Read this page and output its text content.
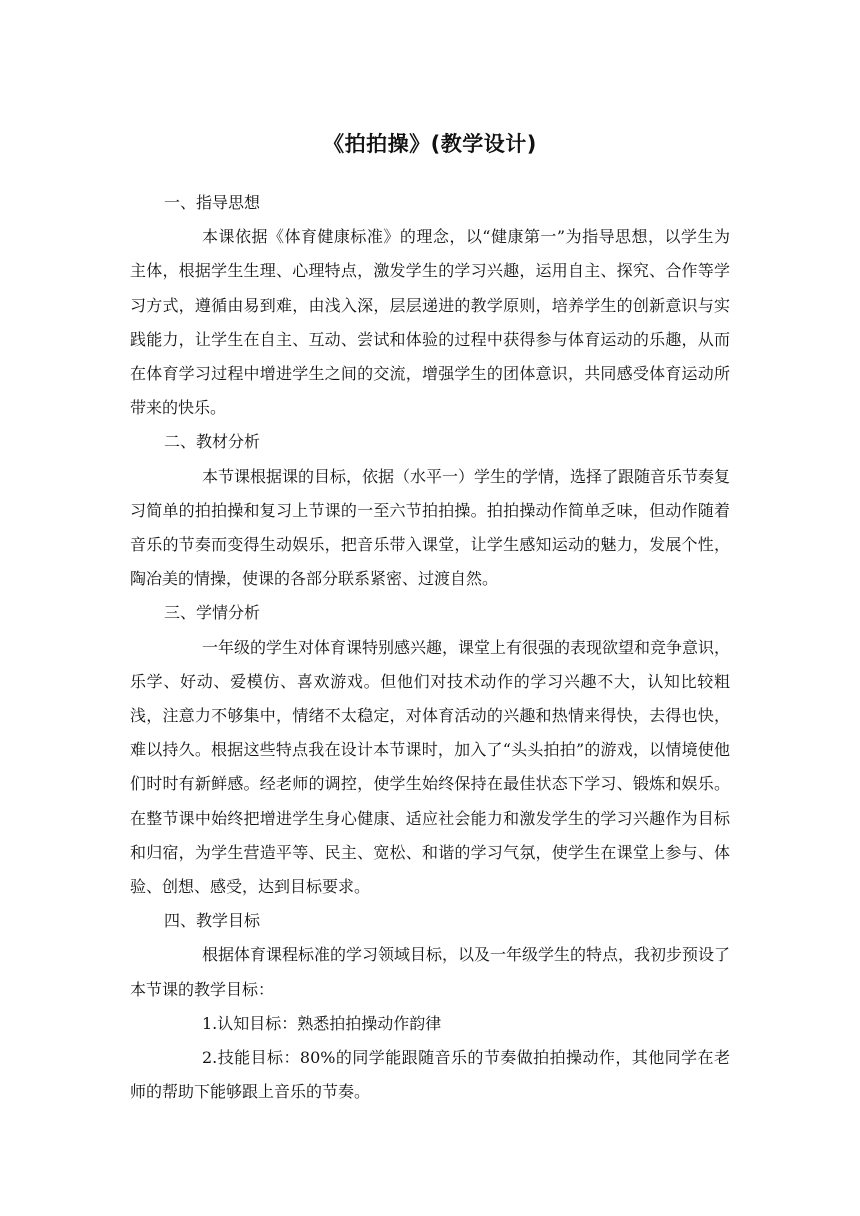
《拍拍操》(教学设计)

一、指导思想

本课依据《体育健康标准》的理念，以“健康第一”为指导思想，以学生为主体，根据学生生理、心理特点，激发学生的学习兴趣，运用自主、探究、合作等学习方式，遵循由易到难，由浅入深，层层递进的教学原则，培养学生的创新意识与实践能力，让学生在自主、互动、尝试和体验的过程中获得参与体育运动的乐趣，从而在体育学习过程中增进学生之间的交流，增强学生的团体意识，共同感受体育运动所带来的快乐。

二、教材分析

本节课根据课的目标，依据（水平一）学生的学情，选择了跟随音乐节奏复习简单的拍拍操和复习上节课的一至六节拍拍操。拍拍操动作简单乏味，但动作随着音乐的节奏而变得生动娱乐，把音乐带入课堂，让学生感知运动的魅力，发展个性，陶冶美的情操，使课的各部分联系紧密、过渡自然。

三、学情分析

一年级的学生对体育课特别感兴趣，课堂上有很强的表现欲望和竞争意识，乐学、好动、爱模仿、喜欢游戏。但他们对技术动作的学习兴趣不大，认知比较粗浅，注意力不够集中，情绪不太稳定，对体育活动的兴趣和热情来得快，去得也快，难以持久。根据这些特点我在设计本节课时，加入了“头头拍拍”的游戏，以情境使他们时时有新鲜感。经老师的调控，使学生始终保持在最佳状态下学习、锻炼和娱乐。在整节课中始终把增进学生身心健康、适应社会能力和激发学生的学习兴趣作为目标和归宿，为学生营造平等、民主、宽松、和谐的学习气氛，使学生在课堂上参与、体验、创想、感受，达到目标要求。

四、教学目标

根据体育课程标准的学习领域目标，以及一年级学生的特点，我初步预设了本节课的教学目标：

1.认知目标：熟悉拍拍操动作韵律

2.技能目标：80%的同学能跟随音乐的节奏做拍拍操动作，其他同学在老师的帮助下能够跟上音乐的节奏。
